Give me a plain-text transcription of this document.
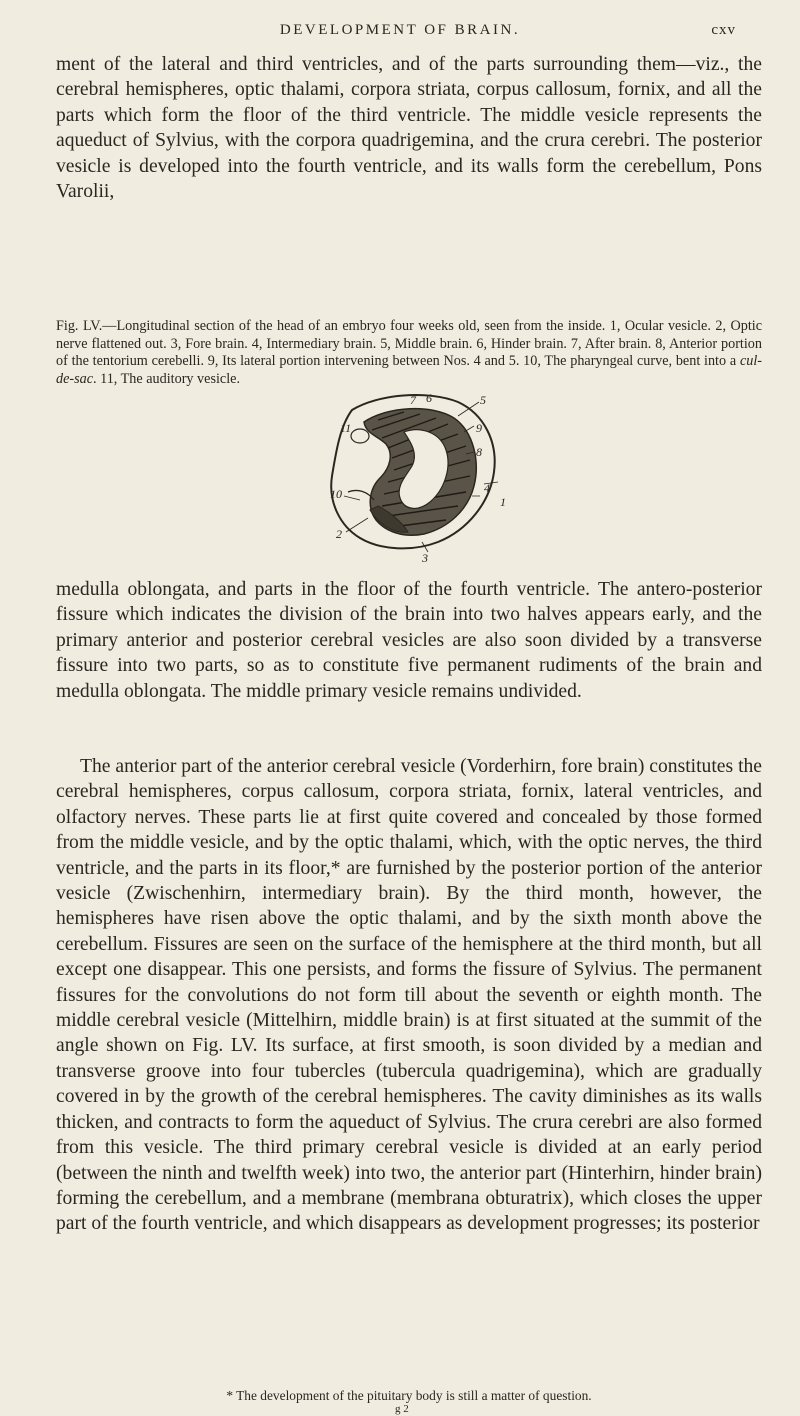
DEVELOPMENT OF BRAIN.	cxv

ment of the lateral and third ventricles, and of the parts surrounding them—viz., the cerebral hemispheres, optic thalami, corpora striata, corpus callosum, fornix, and all the parts which form the floor of the third ventricle. The middle vesicle represents the aqueduct of Sylvius, with the corpora quadrigemina, and the crura cerebri. The posterior vesicle is developed into the fourth ventricle, and its walls form the cerebellum, Pons Varolii,

Fig. LV.—Longitudinal section of the head of an embryo four weeks old, seen from the inside. 1, Ocular vesicle. 2, Optic nerve flattened out. 3, Fore brain. 4, Intermediary brain. 5, Middle brain. 6, Hinder brain. 7, After brain. 8, Anterior portion of the tentorium cerebelli. 9, Its lateral portion intervening between Nos. 4 and 5. 10, The pharyngeal curve, bent into a cul-de-sac. 11, The auditory vesicle.

7 6	5
11	9
8
10	4
2
1
3

medulla oblongata, and parts in the floor of the fourth ventricle. The antero-posterior fissure which indicates the division of the brain into two halves appears early, and the primary anterior and posterior cerebral vesicles are also soon divided by a transverse fissure into two parts, so as to constitute five permanent rudiments of the brain and medulla oblongata. The middle primary vesicle remains undivided.

The anterior part of the anterior cerebral vesicle (Vorderhirn, fore brain) constitutes the cerebral hemispheres, corpus callosum, corpora striata, fornix, lateral ventricles, and olfactory nerves. These parts lie at first quite covered and concealed by those formed from the middle vesicle, and by the optic thalami, which, with the optic nerves, the third ventricle, and the parts in its floor,* are furnished by the posterior portion of the anterior vesicle (Zwischenhirn, intermediary brain). By the third month, however, the hemispheres have risen above the optic thalami, and by the sixth month above the cerebellum. Fissures are seen on the surface of the hemisphere at the third month, but all except one disappear. This one persists, and forms the fissure of Sylvius. The permanent fissures for the convolutions do not form till about the seventh or eighth month. The middle cerebral vesicle (Mittelhirn, middle brain) is at first situated at the summit of the angle shown on Fig. LV. Its surface, at first smooth, is soon divided by a median and transverse groove into four tubercles (tubercula quadrigemina), which are gradually covered in by the growth of the cerebral hemispheres. The cavity diminishes as its walls thicken, and contracts to form the aqueduct of Sylvius. The crura cerebri are also formed from this vesicle. The third primary cerebral vesicle is divided at an early period (between the ninth and twelfth week) into two, the anterior part (Hinterhirn, hinder brain) forming the cerebellum, and a membrane (membrana obturatrix), which closes the upper part of the fourth ventricle, and which disappears as development progresses; its posterior

* The development of the pituitary body is still a matter of question.
g 2
